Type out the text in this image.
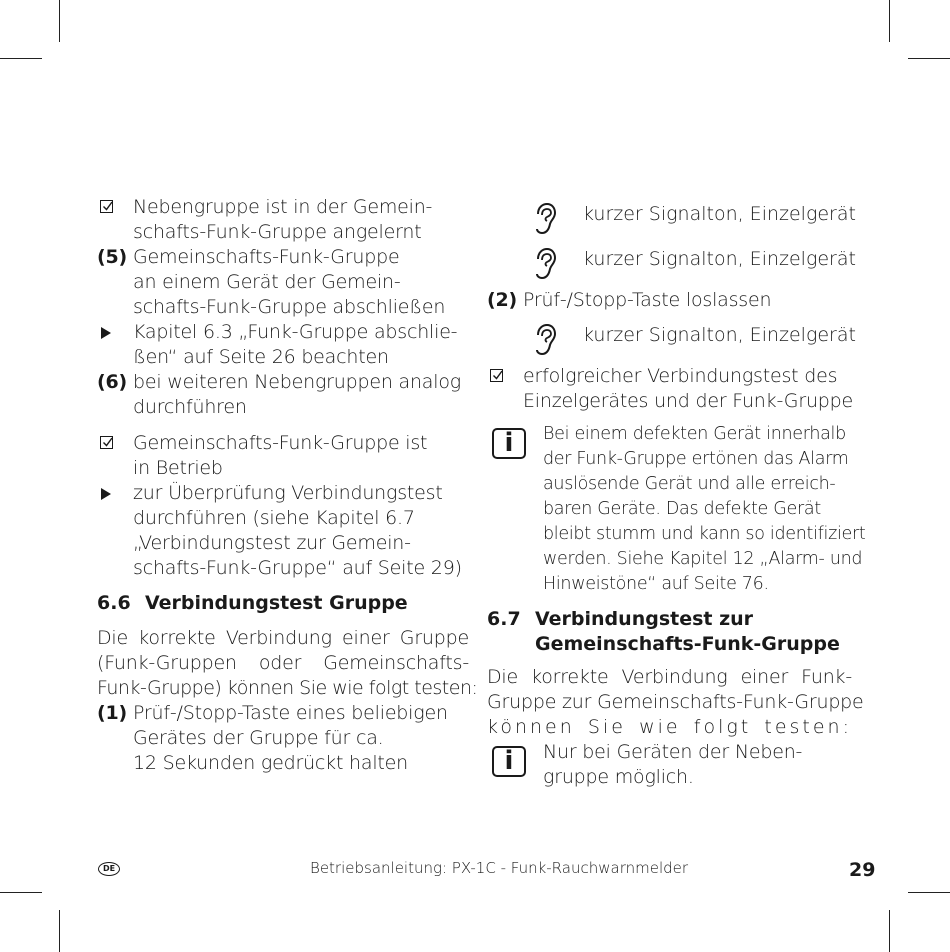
Nebengruppe ist in der Gemein-
schafts-Funk-Gruppe angelernt
(5) Gemeinschafts-Funk-Gruppe
an einem Gerät der Gemein-
schafts-Funk-Gruppe abschließen
Kapitel 6.3 „Funk-Gruppe abschlie-
ßen“ auf Seite 26 beachten
(6) bei weiteren Nebengruppen analog
durchführen
Gemeinschafts-Funk-Gruppe ist
in Betrieb
zur Überprüfung Verbindungstest
durchführen (siehe Kapitel 6.7
„Verbindungstest zur Gemein-
schafts-Funk-Gruppe“ auf Seite 29)
6.6 Verbindungstest Gruppe
Die korrekte Verbindung einer Gruppe
(Funk-Gruppen oder Gemeinschafts-
Funk-Gruppe) können Sie wie folgt testen:
(1) Prüf-/Stopp-Taste eines beliebigen
Gerätes der Gruppe für ca.
12 Sekunden gedrückt halten
kurzer Signalton, Einzelgerät
kurzer Signalton, Einzelgerät
(2) Prüf-/Stopp-Taste loslassen
kurzer Signalton, Einzelgerät
erfolgreicher Verbindungstest des
Einzelgerätes und der Funk-Gruppe
i	Bei einem defekten Gerät innerhalb
der Funk-Gruppe ertönen das Alarm
auslösende Gerät und alle erreich-
baren Geräte. Das defekte Gerät
bleibt stumm und kann so identifiziert
werden. Siehe Kapitel 12 „Alarm- und
Hinweistöne“ auf Seite 76.
6.7 Verbindungstest zur
Gemeinschafts-Funk-Gruppe
Die korrekte Verbindung einer Funk-
Gruppe zur Gemeinschafts-Funk-Gruppe
können Sie wie folgt testen:
i	Nur bei Geräten der Neben-
gruppe möglich.
DE	Betriebsanleitung: PX-1C - Funk-Rauchwarnmelder	29
